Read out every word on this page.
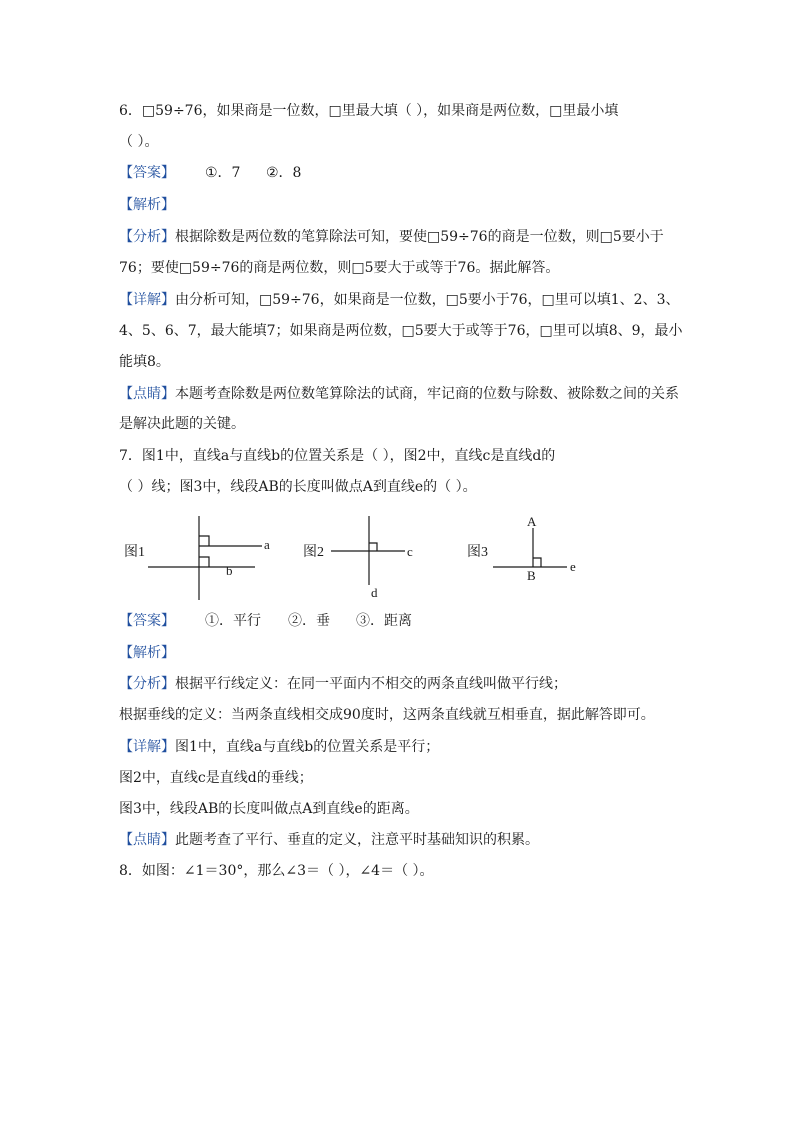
6．□59÷76，如果商是一位数，□里最大填（ ），如果商是两位数，□里最小填
（ ）。
【答案】 ①．7 ②．8
【解析】
【分析】根据除数是两位数的笔算除法可知，要使□59÷76的商是一位数，则□5要小于
76；要使□59÷76的商是两位数，则□5要大于或等于76。据此解答。
【详解】由分析可知，□59÷76，如果商是一位数，□5要小于76，□里可以填1、2、3、
4、5、6、7，最大能填7；如果商是两位数，□5要大于或等于76，□里可以填8、9，最小
能填8。
【点睛】本题考查除数是两位数笔算除法的试商，牢记商的位数与除数、被除数之间的关系
是解决此题的关键。
7．图1中，直线a与直线b的位置关系是（ ），图2中，直线c是直线d的
（ ）线；图3中，线段AB的长度叫做点A到直线e的（ ）。
图1
a
b
图2	c
d
图3
A
B
e
【答案】 ①．平行 ②．垂 ③．距离
【解析】
【分析】根据平行线定义：在同一平面内不相交的两条直线叫做平行线；
根据垂线的定义：当两条直线相交成90度时，这两条直线就互相垂直，据此解答即可。
【详解】图1中，直线a与直线b的位置关系是平行；
图2中，直线c是直线d的垂线；
图3中，线段AB的长度叫做点A到直线e的距离。
【点睛】此题考查了平行、垂直的定义，注意平时基础知识的积累。
8．如图：∠1＝30°，那么∠3＝（ ），∠4＝（ ）。
